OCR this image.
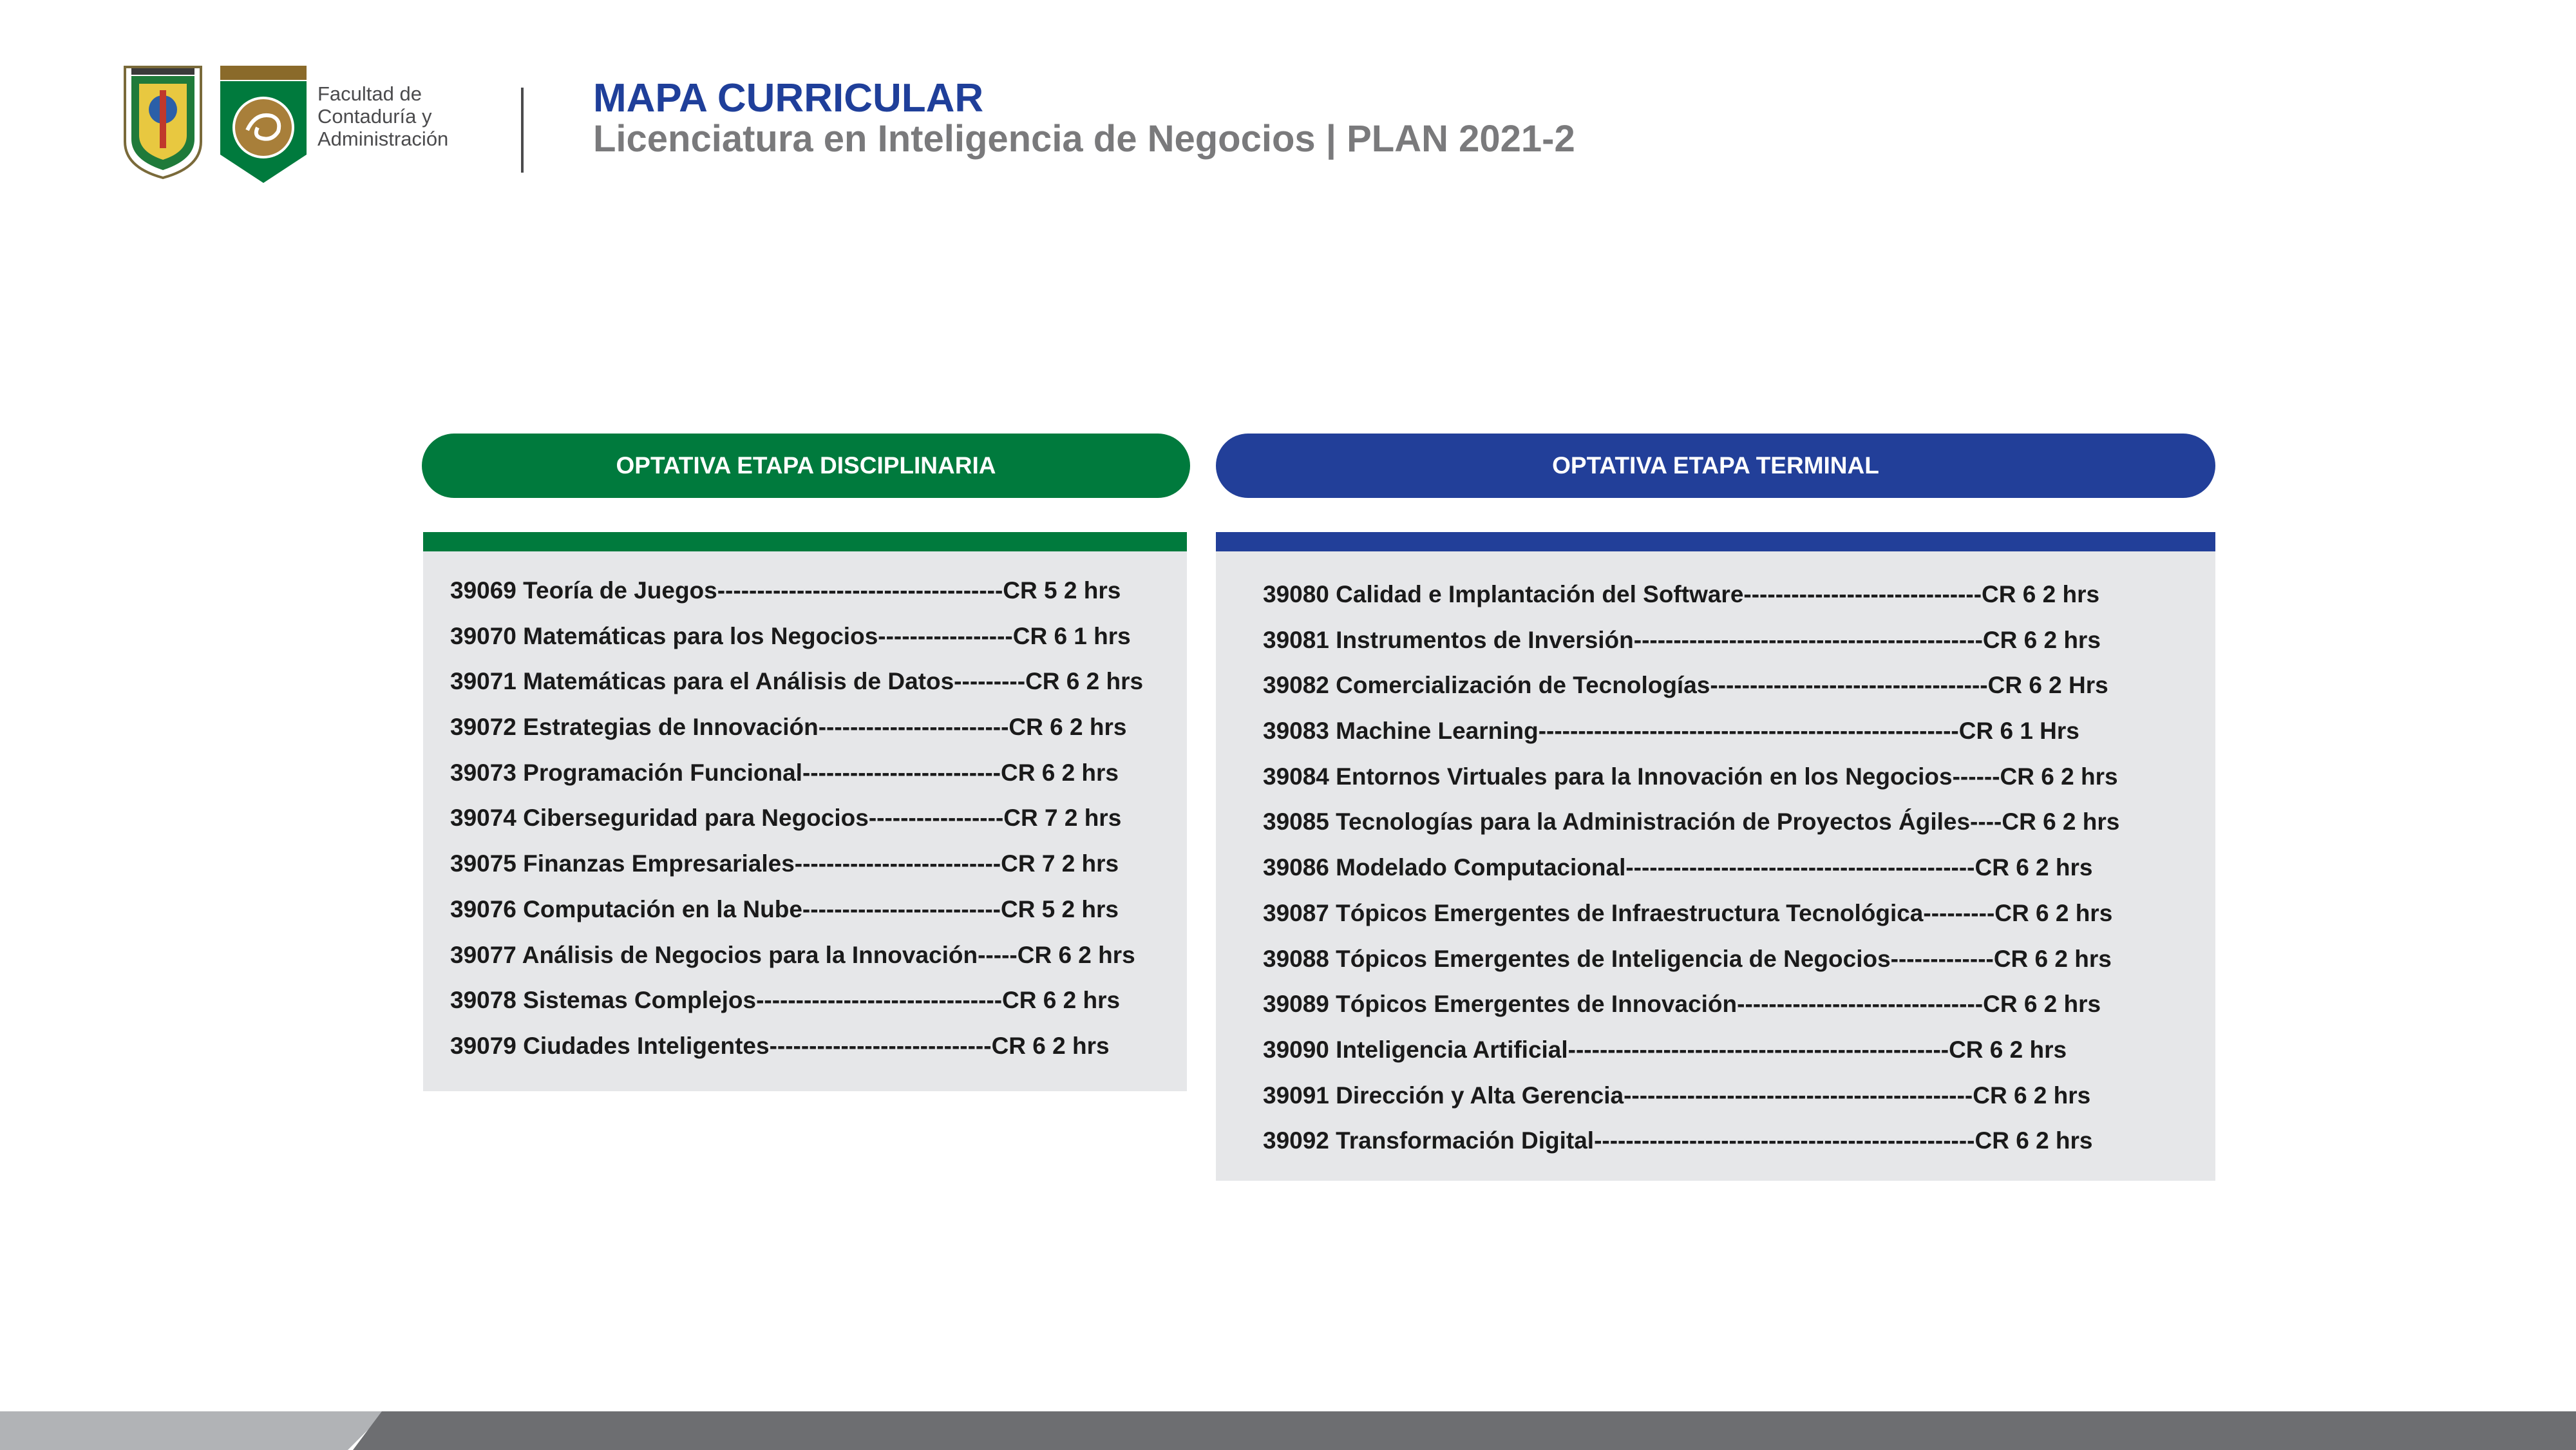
Facultad de
Contaduría y
Administración
MAPA CURRICULAR
Licenciatura en Inteligencia de Negocios | PLAN 2021-2
OPTATIVA ETAPA DISCIPLINARIA
39069 Teoría de Juegos------------------------------------CR 5 2 hrs
39070 Matemáticas para los Negocios-----------------CR 6 1 hrs
39071 Matemáticas para el Análisis de Datos---------CR 6 2 hrs
39072 Estrategias de Innovación------------------------CR 6 2 hrs
39073 Programación Funcional-------------------------CR 6 2 hrs
39074 Ciberseguridad para Negocios-----------------CR 7 2 hrs
39075 Finanzas Empresariales--------------------------CR 7 2 hrs
39076 Computación en la Nube-------------------------CR 5 2 hrs
39077 Análisis de Negocios para la Innovación-----CR 6 2 hrs
39078 Sistemas Complejos-------------------------------CR 6 2 hrs
39079 Ciudades Inteligentes----------------------------CR 6 2 hrs
OPTATIVA ETAPA TERMINAL
39080 Calidad e Implantación del Software------------------------------CR 6 2 hrs
39081 Instrumentos de Inversión--------------------------------------------CR 6 2 hrs
39082 Comercialización de Tecnologías-----------------------------------CR 6 2 Hrs
39083 Machine Learning-----------------------------------------------------CR 6 1 Hrs
39084 Entornos Virtuales para la Innovación en los Negocios------CR 6 2 hrs
39085 Tecnologías para la Administración de Proyectos Ágiles----CR 6 2 hrs
39086 Modelado Computacional--------------------------------------------CR 6 2 hrs
39087 Tópicos Emergentes de Infraestructura Tecnológica---------CR 6 2 hrs
39088 Tópicos Emergentes de Inteligencia de Negocios-------------CR 6 2 hrs
39089 Tópicos Emergentes de Innovación-------------------------------CR 6 2 hrs
39090 Inteligencia Artificial------------------------------------------------CR 6 2 hrs
39091 Dirección y Alta Gerencia--------------------------------------------CR 6 2 hrs
39092 Transformación Digital------------------------------------------------CR 6 2 hrs
